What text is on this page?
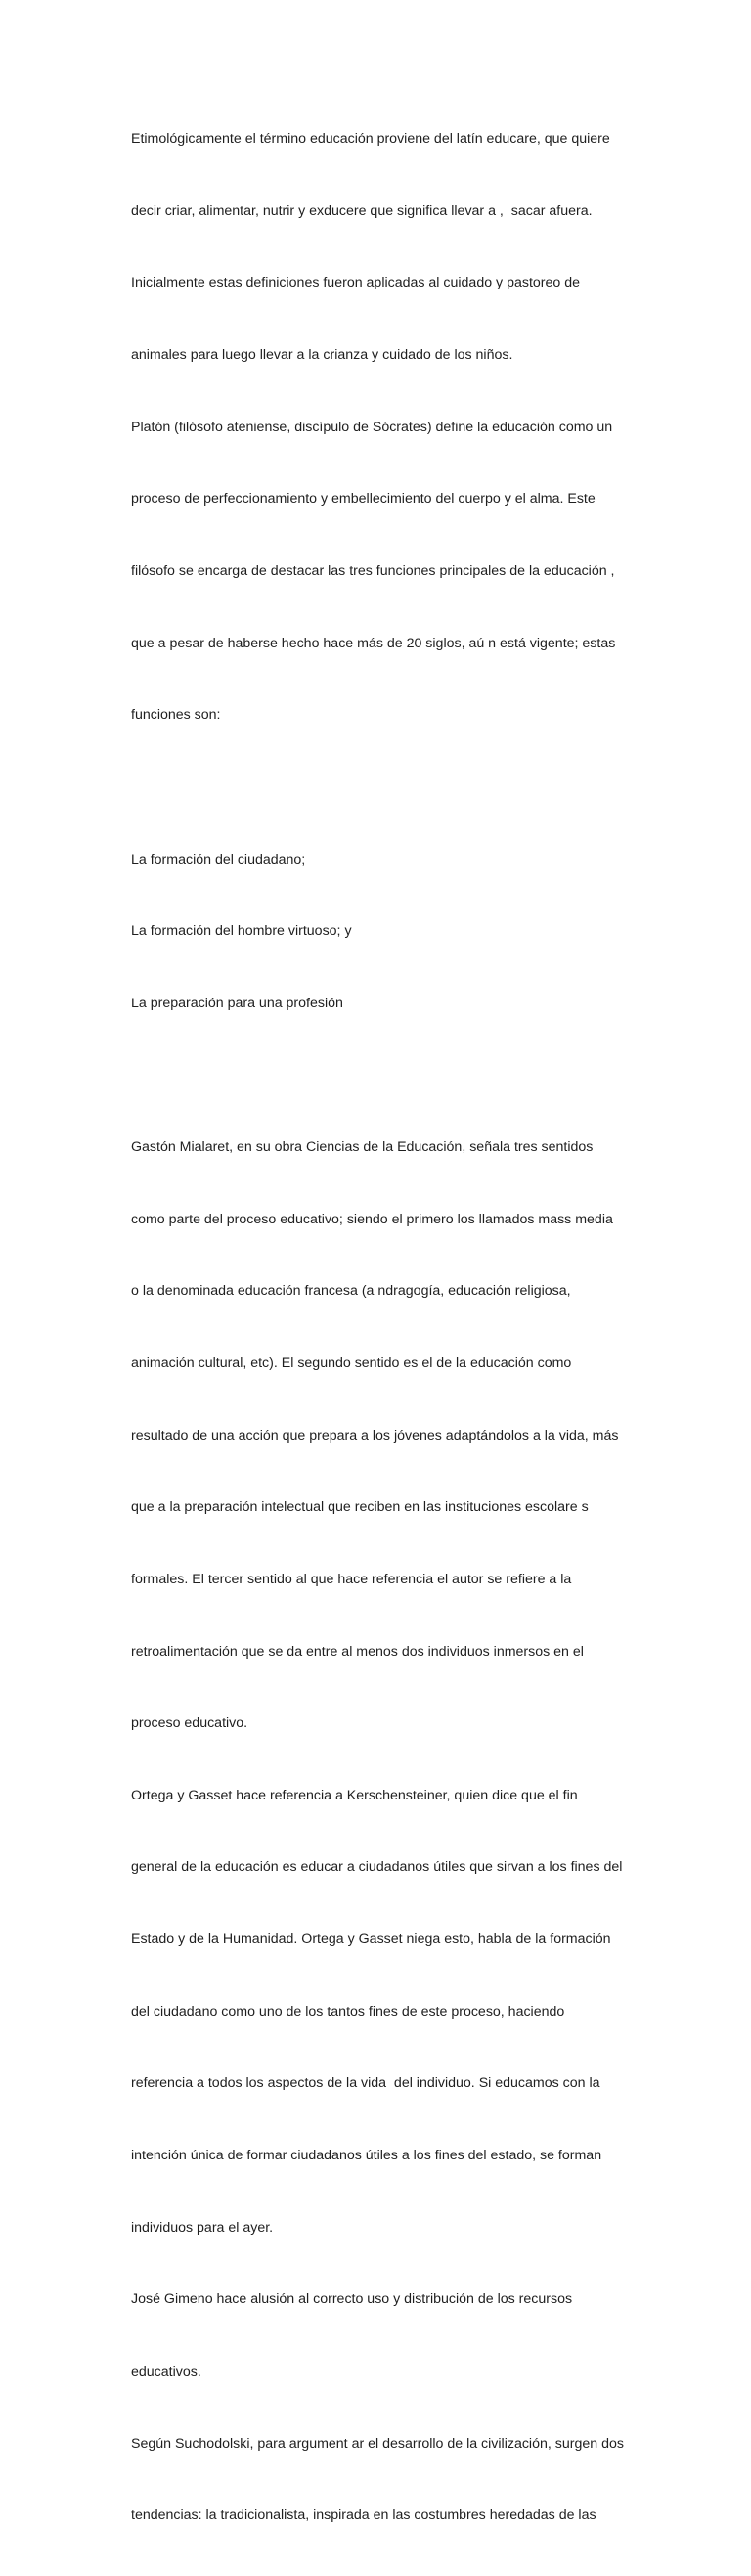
Etimológicamente el término educación proviene del latín educare, que quiere

decir criar, alimentar, nutrir y exducere que significa llevar a ,  sacar afuera.

Inicialmente estas definiciones fueron aplicadas al cuidado y pastoreo de

animales para luego llevar a la crianza y cuidado de los niños.

Platón (filósofo ateniense, discípulo de Sócrates) define la educación como un

proceso de perfeccionamiento y embellecimiento del cuerpo y el alma. Este

filósofo se encarga de destacar las tres funciones principales de la educación ,

que a pesar de haberse hecho hace más de 20 siglos, aú n está vigente; estas

funciones son:

La formación del ciudadano;

La formación del hombre virtuoso; y

La preparación para una profesión

Gastón Mialaret, en su obra Ciencias de la Educación, señala tres sentidos

como parte del proceso educativo; siendo el primero los llamados mass media

o la denominada educación francesa (a ndragogía, educación religiosa,

animación cultural, etc). El segundo sentido es el de la educación como

resultado de una acción que prepara a los jóvenes adaptándolos a la vida, más

que a la preparación intelectual que reciben en las instituciones escolare s

formales. El tercer sentido al que hace referencia el autor se refiere a la

retroalimentación que se da entre al menos dos individuos inmersos en el

proceso educativo.

Ortega y Gasset hace referencia a Kerschensteiner, quien dice que el fin

general de la educación es educar a ciudadanos útiles que sirvan a los fines del

Estado y de la Humanidad. Ortega y Gasset niega esto, habla de la formación

del ciudadano como uno de los tantos fines de este proceso, haciendo

referencia a todos los aspectos de la vida  del individuo. Si educamos con la

intención única de formar ciudadanos útiles a los fines del estado, se forman

individuos para el ayer.

José Gimeno hace alusión al correcto uso y distribución de los recursos

educativos.

Según Suchodolski, para argument ar el desarrollo de la civilización, surgen dos

tendencias: la tradicionalista, inspirada en las costumbres heredadas de las
